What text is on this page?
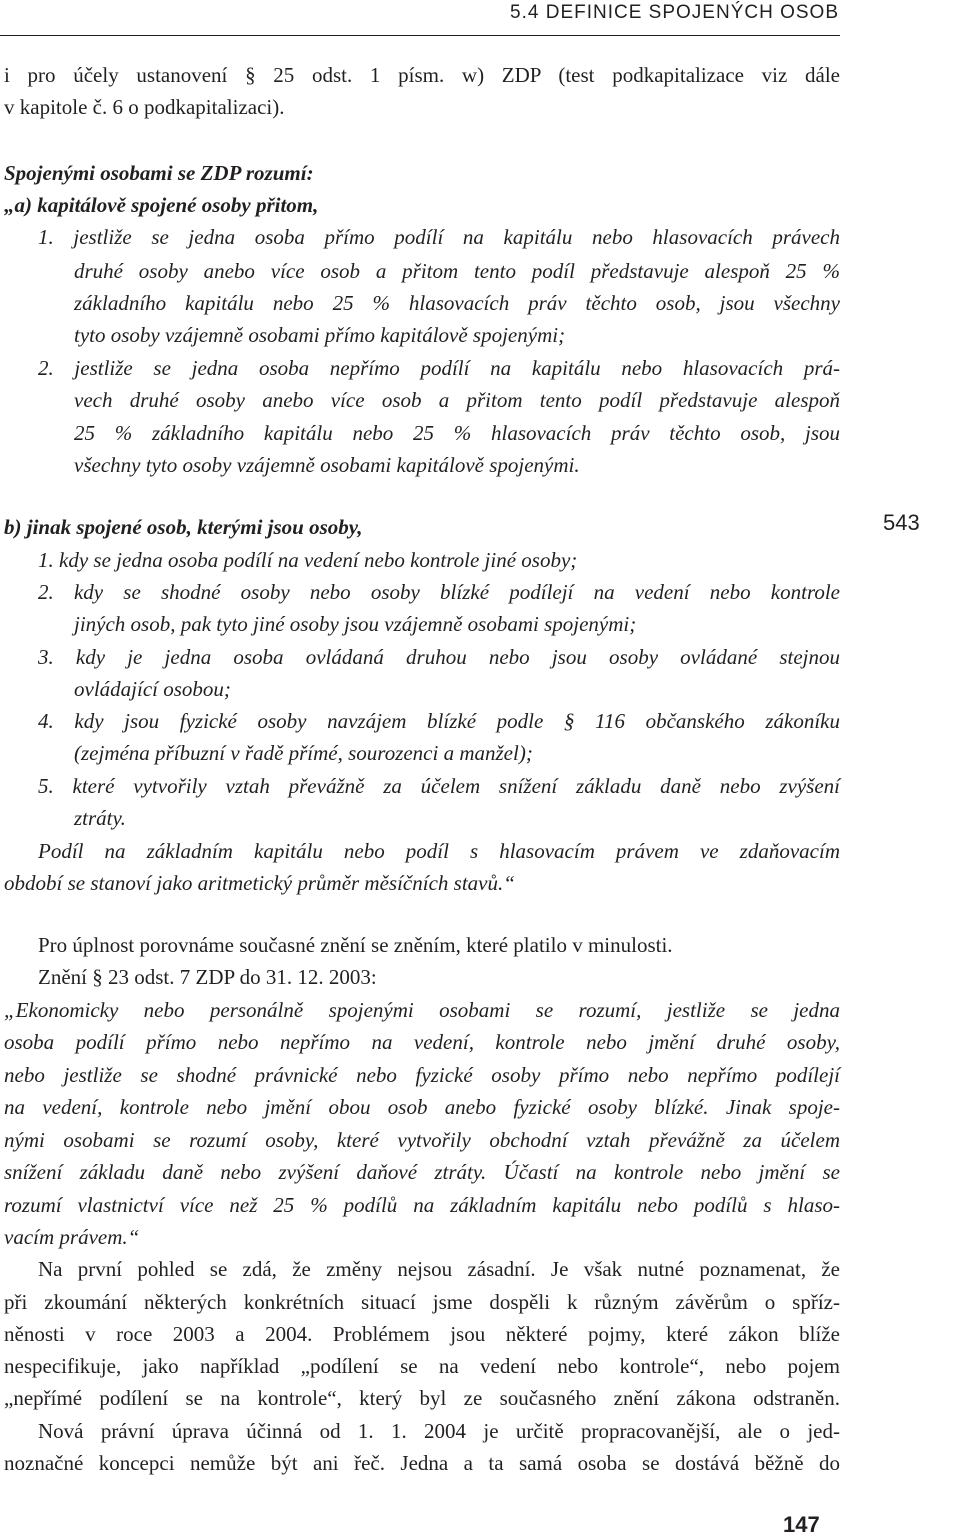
5.4 DEFINICE SPOJENÝCH OSOB
543
i pro účely ustanovení § 25 odst. 1 písm. w) ZDP (test podkapitalizace viz dále
v kapitole č. 6 o podkapitalizaci).
Spojenými osobami se ZDP rozumí:
„a) kapitálově spojené osoby přitom,
1. jestliže se jedna osoba přímo podílí na kapitálu nebo hlasovacích právech
druhé osoby anebo více osob a přitom tento podíl představuje alespoň 25 %
základního kapitálu nebo 25 % hlasovacích práv těchto osob, jsou všechny
tyto osoby vzájemně osobami přímo kapitálově spojenými;
2. jestliže se jedna osoba nepřímo podílí na kapitálu nebo hlasovacích prá-
vech druhé osoby anebo více osob a přitom tento podíl představuje alespoň
25 % základního kapitálu nebo 25 % hlasovacích práv těchto osob, jsou
všechny tyto osoby vzájemně osobami kapitálově spojenými.
b) jinak spojené osob, kterými jsou osoby,
1. kdy se jedna osoba podílí na vedení nebo kontrole jiné osoby;
2. kdy se shodné osoby nebo osoby blízké podílejí na vedení nebo kontrole
jiných osob, pak tyto jiné osoby jsou vzájemně osobami spojenými;
3. kdy je jedna osoba ovládaná druhou nebo jsou osoby ovládané stejnou
ovládající osobou;
4. kdy jsou fyzické osoby navzájem blízké podle § 116 občanského zákoníku
(zejména příbuzní v řadě přímé, sourozenci a manžel);
5. které vytvořily vztah převážně za účelem snížení základu daně nebo zvýšení
ztráty.
Podíl na základním kapitálu nebo podíl s hlasovacím právem ve zdaňovacím
období se stanoví jako aritmetický průměr měsíčních stavů.“
Pro úplnost porovnáme současné znění se zněním, které platilo v minulosti.
Znění § 23 odst. 7 ZDP do 31. 12. 2003:
„Ekonomicky nebo personálně spojenými osobami se rozumí, jestliže se jedna
osoba podílí přímo nebo nepřímo na vedení, kontrole nebo jmění druhé osoby,
nebo jestliže se shodné právnické nebo fyzické osoby přímo nebo nepřímo podílejí
na vedení, kontrole nebo jmění obou osob anebo fyzické osoby blízké. Jinak spoje-
nými osobami se rozumí osoby, které vytvořily obchodní vztah převážně za účelem
snížení základu daně nebo zvýšení daňové ztráty. Účastí na kontrole nebo jmění se
rozumí vlastnictví více než 25 % podílů na základním kapitálu nebo podílů s hlaso-
vacím právem.“
Na první pohled se zdá, že změny nejsou zásadní. Je však nutné poznamenat, že
při zkoumání některých konkrétních situací jsme dospěli k různým závěrům o spříz-
něnosti v roce 2003 a 2004. Problémem jsou některé pojmy, které zákon blíže
nespecifikuje, jako například „podílení se na vedení nebo kontrole“, nebo pojem
„nepřímé podílení se na kontrole“, který byl ze současného znění zákona odstraněn.
Nová právní úprava účinná od 1. 1. 2004 je určitě propracovanější, ale o jed-
noznačné koncepci nemůže být ani řeč. Jedna a ta samá osoba se dostává běžně do
147
